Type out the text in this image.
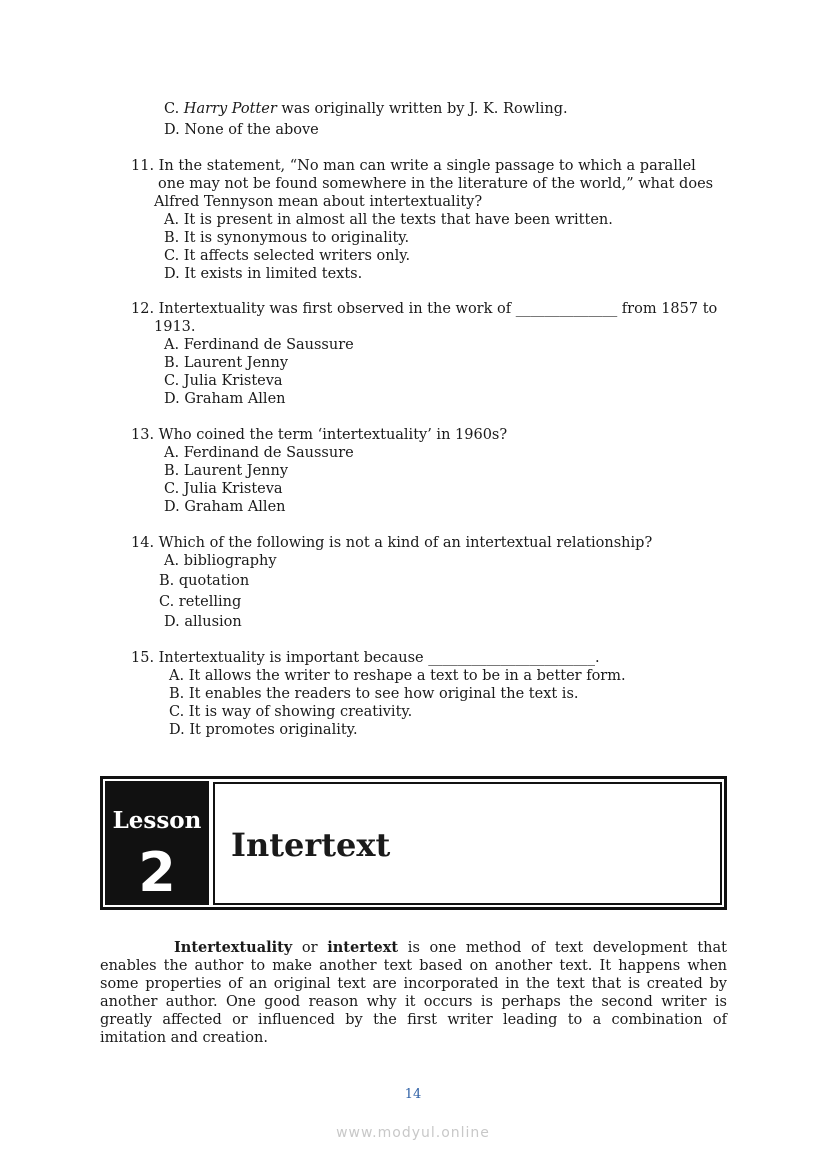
C. Harry Potter was originally written by J. K. Rowling.
D. None of the above
11. In the statement, “No man can write a single passage to which a parallel
one may not be found somewhere in the literature of the world,” what does
Alfred Tennyson mean about intertextuality?
A. It is present in almost all the texts that have been written.
B. It is synonymous to originality.
C. It affects selected writers only.
D. It exists in limited texts.
12. Intertextuality was first observed in the work of ______________ from 1857 to
1913.
A. Ferdinand de Saussure
B. Laurent Jenny
C. Julia Kristeva
D. Graham Allen
13. Who coined the term ‘intertextuality’ in 1960s?
A. Ferdinand de Saussure
B. Laurent Jenny
C. Julia Kristeva
D. Graham Allen
14. Which of the following is not a kind of an intertextual relationship?
A. bibliography
B. quotation
C. retelling
D. allusion
15. Intertextuality is important because _______________________.
A. It allows the writer to reshape a text to be in a better form.
B. It enables the readers to see how original the text is.
C. It is way of showing creativity.
D. It promotes originality.
Lesson
2	Intertext
Intertextuality or intertext is one method of text development that enables the author to make another text based on another text. It happens when some properties of an original text are incorporated in the text that is created by another author. One good reason why it occurs is perhaps the second writer is greatly affected or influenced by the first writer leading to a combination of imitation and creation.
14
www.modyul.online
